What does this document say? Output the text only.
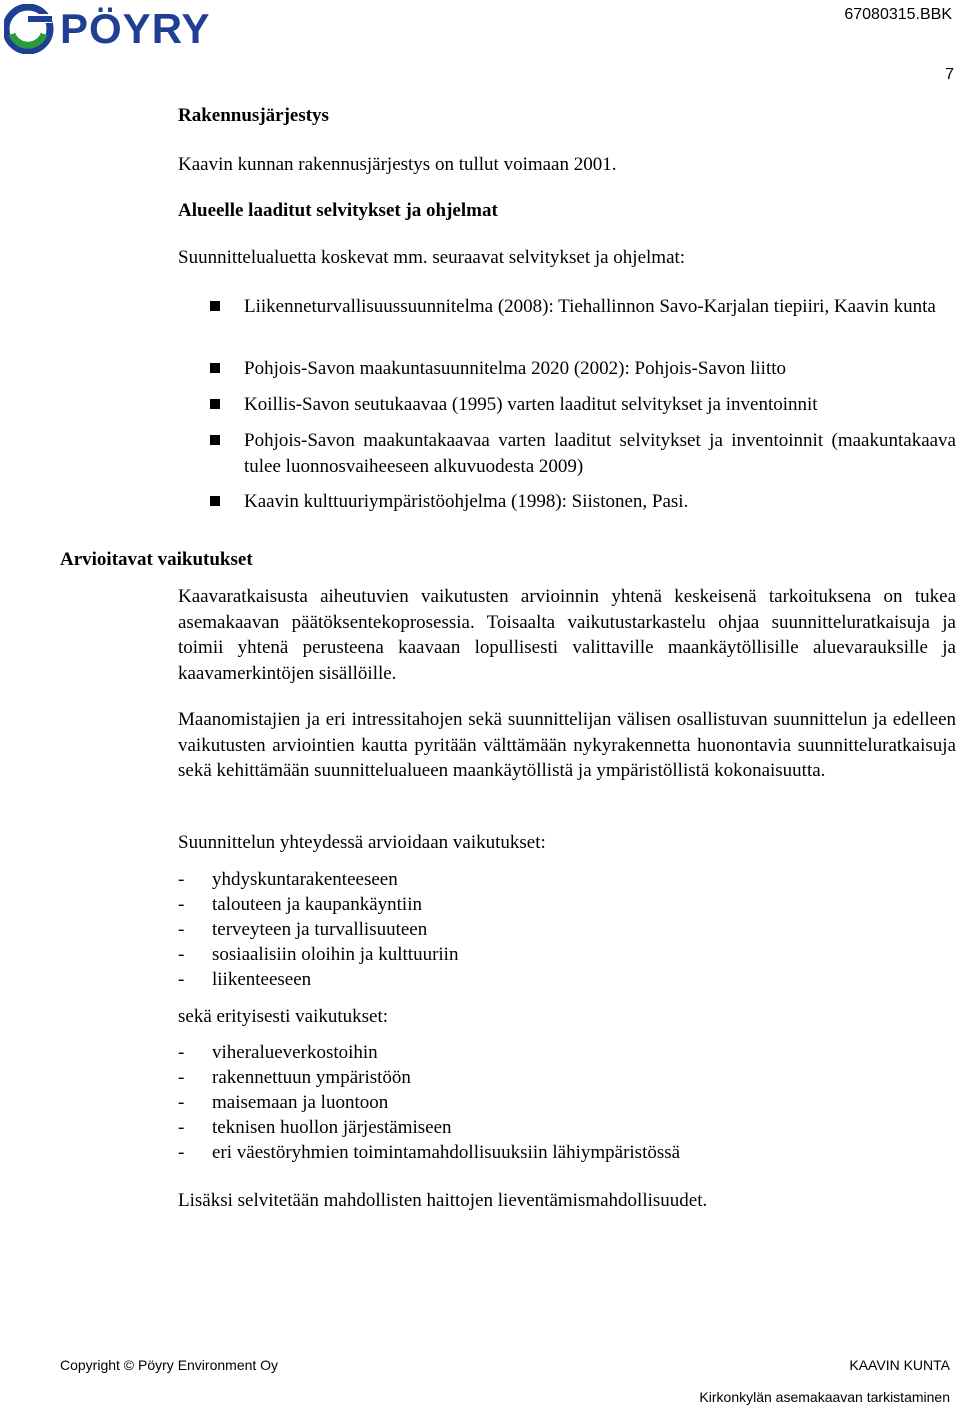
PÖYRY	67080315.BBK
7
Rakennusjärjestys
Kaavin kunnan rakennusjärjestys on tullut voimaan 2001.
Alueelle laaditut selvitykset ja ohjelmat
Suunnittelualuetta koskevat mm. seuraavat selvitykset ja ohjelmat:
Liikenneturvallisuussuunnitelma (2008): Tiehallinnon Savo-Karjalan tiepiiri, Kaavin kunta
Pohjois-Savon maakuntasuunnitelma 2020 (2002): Pohjois-Savon liitto
Koillis-Savon seutukaavaa (1995) varten laaditut selvitykset ja inventoinnit
Pohjois-Savon maakuntakaavaa varten laaditut selvitykset ja inventoinnit (maakuntakaava tulee luonnosvaiheeseen alkuvuodesta 2009)
Kaavin kulttuuriympäristöohjelma (1998): Siistonen, Pasi.
Arvioitavat vaikutukset
Kaavaratkaisusta aiheutuvien vaikutusten arvioinnin yhtenä keskeisenä tarkoituksena on tukea asemakaavan päätöksentekoprosessia. Toisaalta vaikutustarkastelu ohjaa suunnitteluratkaisuja ja toimii yhtenä perusteena kaavaan lopullisesti valittaville maankäytöllisille aluevarauksille ja kaavamerkintöjen sisällöille.
Maanomistajien ja eri intressitahojen sekä suunnittelijan välisen osallistuvan suunnittelun ja edelleen vaikutusten arviointien kautta pyritään välttämään nykyrakennetta huonontavia suunnitteluratkaisuja sekä kehittämään suunnittelualueen maankäytöllistä ja ympäristöllistä kokonaisuutta.
Suunnittelun yhteydessä arvioidaan vaikutukset:
-	yhdyskuntarakenteeseen
-	talouteen ja kaupankäyntiin
-	terveyteen ja turvallisuuteen
-	sosiaalisiin oloihin ja kulttuuriin
-	liikenteeseen
sekä erityisesti vaikutukset:
-	viheralueverkostoihin
-	rakennettuun ympäristöön
-	maisemaan ja luontoon
-	teknisen huollon järjestämiseen
-	eri väestöryhmien toimintamahdollisuuksiin lähiympäristössä
Lisäksi selvitetään mahdollisten haittojen lieventämismahdollisuudet.
Copyright © Pöyry Environment Oy	KAAVIN KUNTA
Kirkonkylän asemakaavan tarkistaminen
